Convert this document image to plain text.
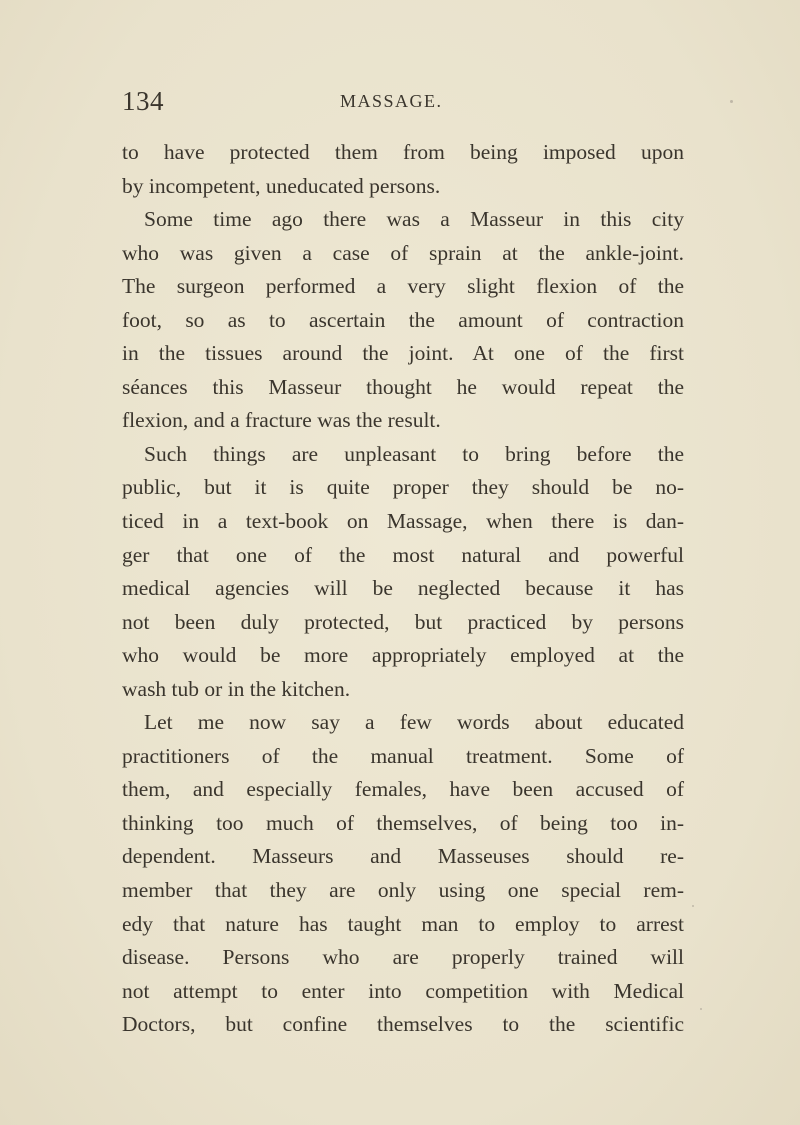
134	MASSAGE.
to have protected them from being imposed upon
by incompetent, uneducated persons.
Some time ago there was a Masseur in this city
who was given a case of sprain at the ankle-joint.
The surgeon performed a very slight flexion of the
foot, so as to ascertain the amount of contraction
in the tissues around the joint. At one of the first
séances this Masseur thought he would repeat the
flexion, and a fracture was the result.
Such things are unpleasant to bring before the
public, but it is quite proper they should be no-
ticed in a text-book on Massage, when there is dan-
ger that one of the most natural and powerful
medical agencies will be neglected because it has
not been duly protected, but practiced by persons
who would be more appropriately employed at the
wash tub or in the kitchen.
Let me now say a few words about educated
practitioners of the manual treatment. Some of
them, and especially females, have been accused of
thinking too much of themselves, of being too in-
dependent. Masseurs and Masseuses should re-
member that they are only using one special rem-
edy that nature has taught man to employ to arrest
disease. Persons who are properly trained will
not attempt to enter into competition with Medical
Doctors, but confine themselves to the scientific
